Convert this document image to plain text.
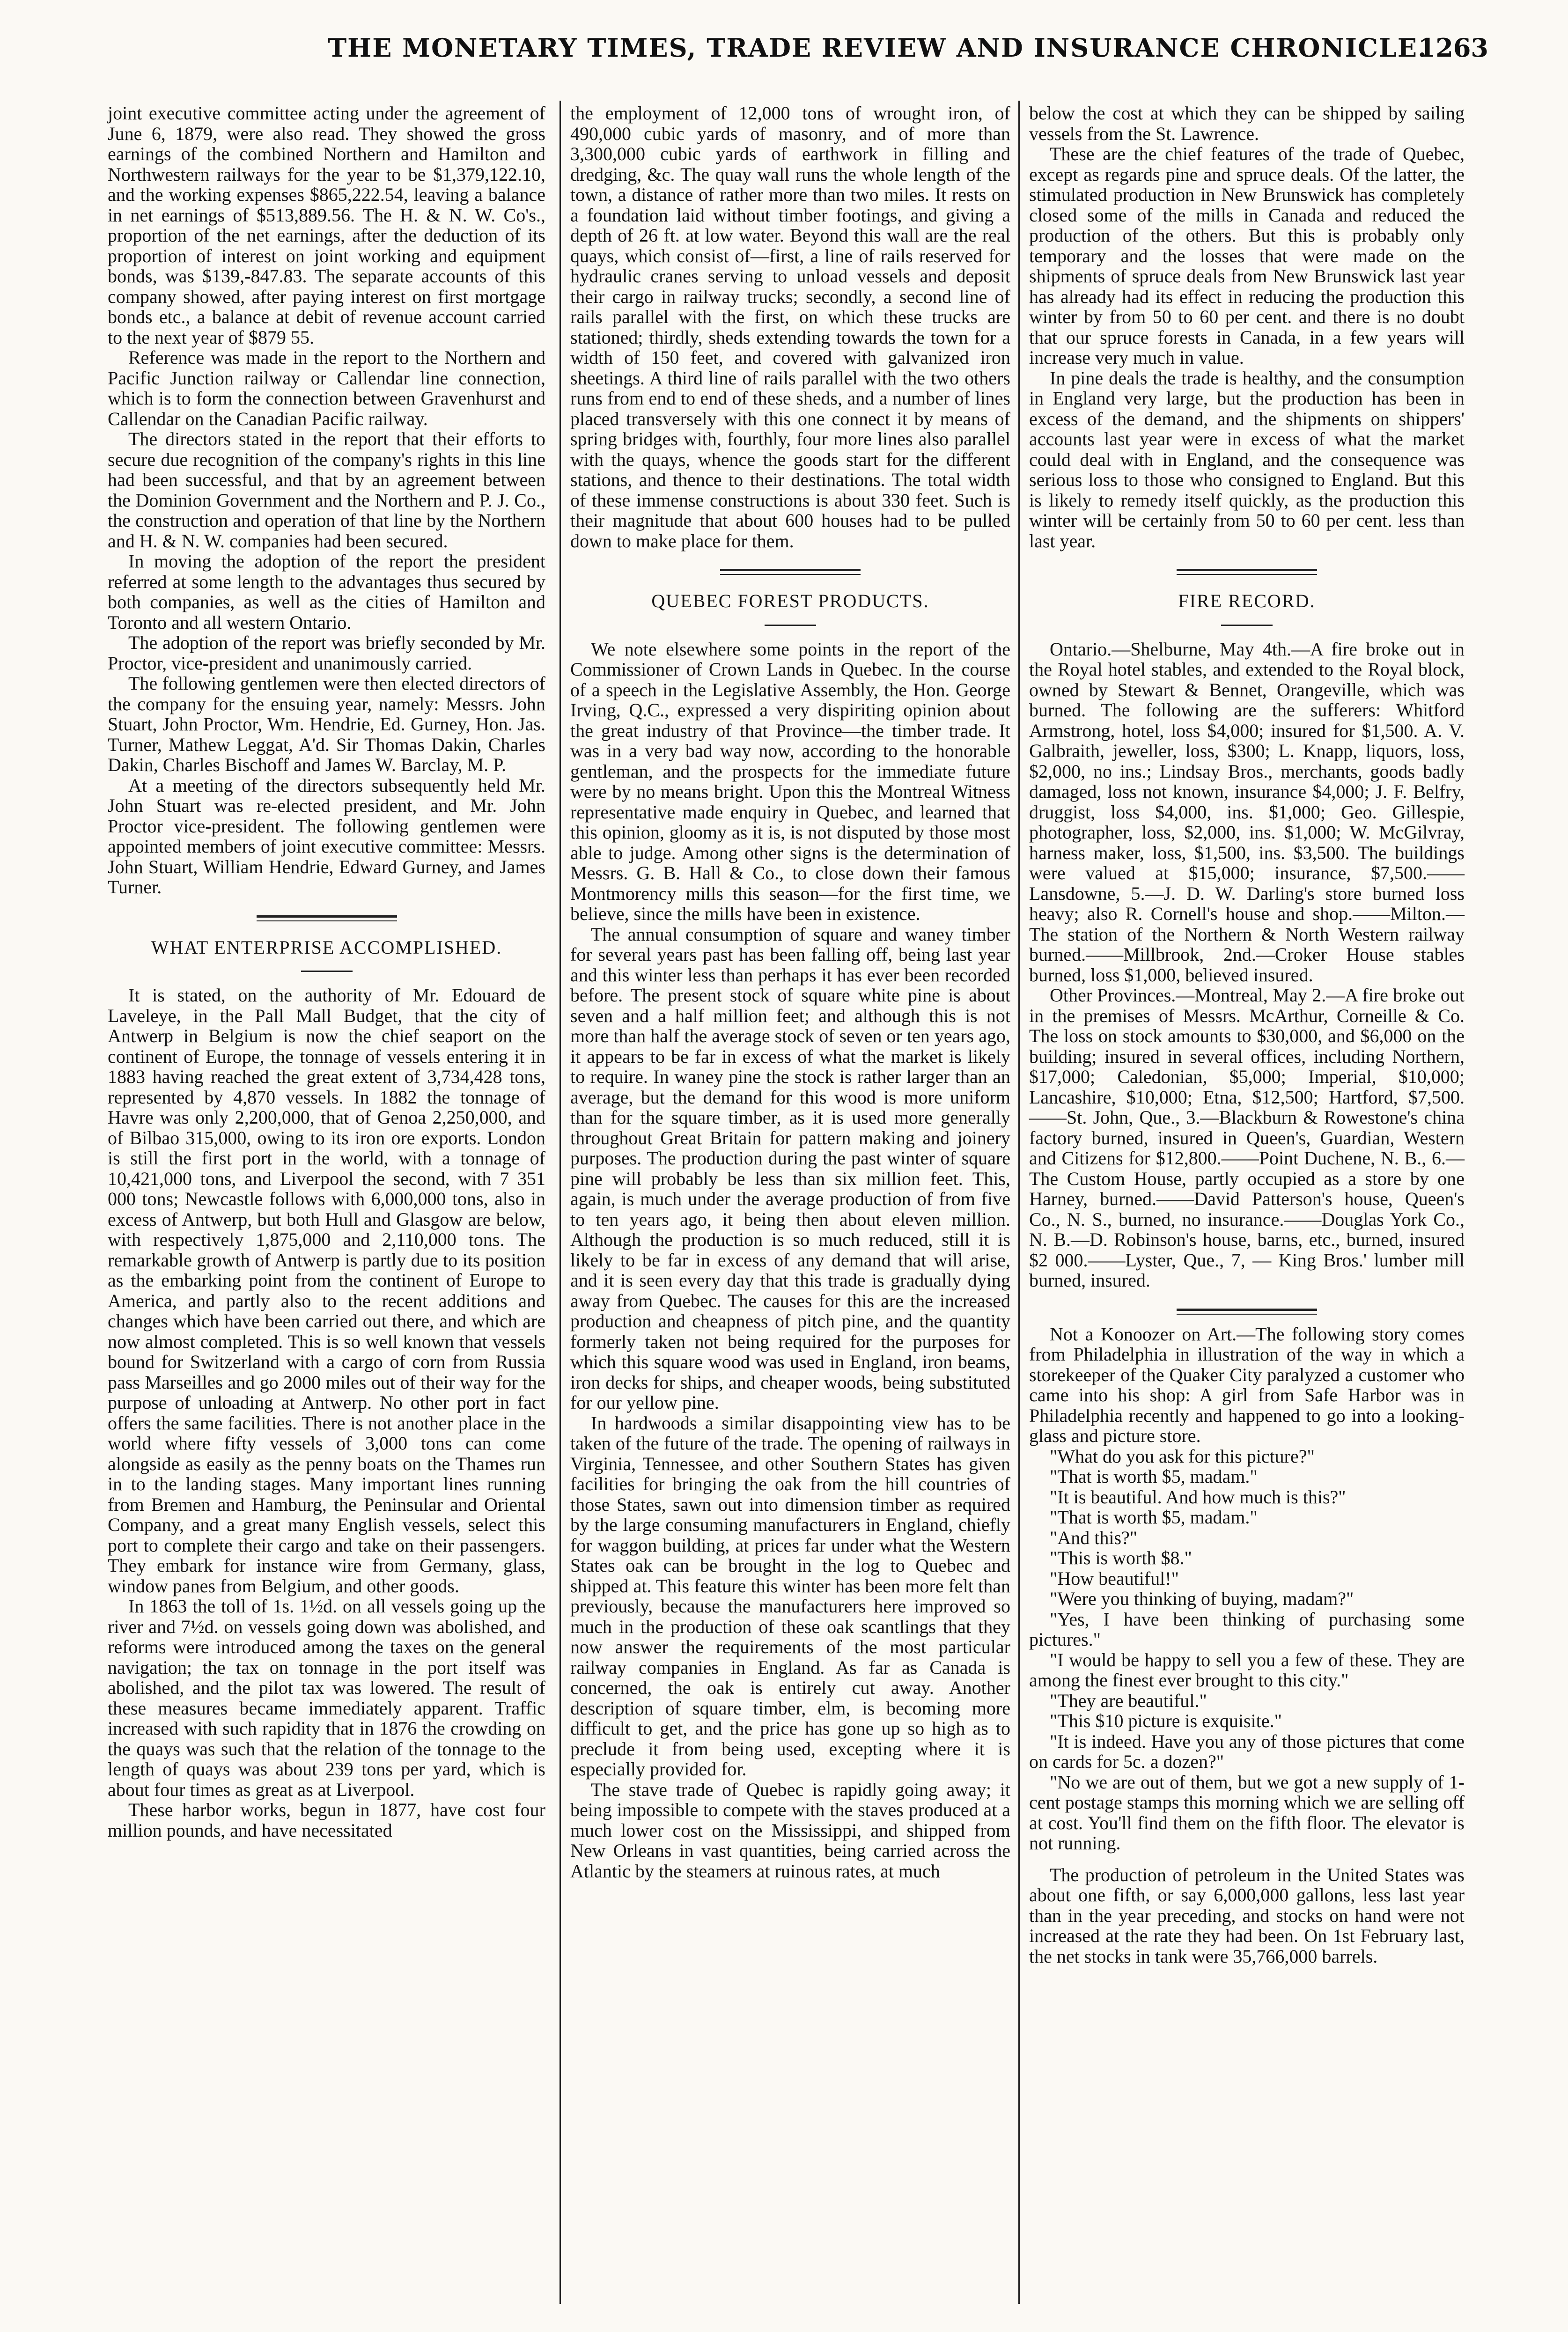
THE MONETARY TIMES, TRADE REVIEW AND INSURANCE CHRONICLE.
1263

joint executive committee acting under the agreement of June 6, 1879, were also read. They showed the gross earnings of the combined Northern and Hamilton and Northwestern railways for the year to be $1,379,122.10, and the working expenses $865,222.54, leaving a balance in net earnings of $513,889.56. The H. & N. W. Co's., proportion of the net earnings, after the deduction of its proportion of interest on joint working and equipment bonds, was $139,-847.83. The separate accounts of this company showed, after paying interest on first mortgage bonds etc., a balance at debit of revenue account carried to the next year of $879 55.

Reference was made in the report to the Northern and Pacific Junction railway or Callendar line connection, which is to form the connection between Gravenhurst and Callendar on the Canadian Pacific railway.

The directors stated in the report that their efforts to secure due recognition of the company's rights in this line had been successful, and that by an agreement between the Dominion Government and the Northern and P. J. Co., the construction and operation of that line by the Northern and H. & N. W. companies had been secured.

In moving the adoption of the report the president referred at some length to the advantages thus secured by both companies, as well as the cities of Hamilton and Toronto and all western Ontario.

The adoption of the report was briefly seconded by Mr. Proctor, vice-president and unanimously carried.

The following gentlemen were then elected directors of the company for the ensuing year, namely: Messrs. John Stuart, John Proctor, Wm. Hendrie, Ed. Gurney, Hon. Jas. Turner, Mathew Leggat, A'd. Sir Thomas Dakin, Charles Dakin, Charles Bischoff and James W. Barclay, M. P.

At a meeting of the directors subsequently held Mr. John Stuart was re-elected president, and Mr. John Proctor vice-president. The following gentlemen were appointed members of joint executive committee: Messrs. John Stuart, William Hendrie, Edward Gurney, and James Turner.

WHAT ENTERPRISE ACCOMPLISHED.

It is stated, on the authority of Mr. Edouard de Laveleye, in the Pall Mall Budget, that the city of Antwerp in Belgium is now the chief seaport on the continent of Europe, the tonnage of vessels entering it in 1883 having reached the great extent of 3,734,428 tons, represented by 4,870 vessels. In 1882 the tonnage of Havre was only 2,200,000, that of Genoa 2,250,000, and of Bilbao 315,000, owing to its iron ore exports. London is still the first port in the world, with a tonnage of 10,421,000 tons, and Liverpool the second, with 7 351 000 tons; Newcastle follows with 6,000,000 tons, also in excess of Antwerp, but both Hull and Glasgow are below, with respectively 1,875,000 and 2,110,000 tons. The remarkable growth of Antwerp is partly due to its position as the embarking point from the continent of Europe to America, and partly also to the recent additions and changes which have been carried out there, and which are now almost completed. This is so well known that vessels bound for Switzerland with a cargo of corn from Russia pass Marseilles and go 2000 miles out of their way for the purpose of unloading at Antwerp. No other port in fact offers the same facilities. There is not another place in the world where fifty vessels of 3,000 tons can come alongside as easily as the penny boats on the Thames run in to the landing stages. Many important lines running from Bremen and Hamburg, the Peninsular and Oriental Company, and a great many English vessels, select this port to complete their cargo and take on their passengers. They embark for instance wire from Germany, glass, window panes from Belgium, and other goods.

In 1863 the toll of 1s. 1½d. on all vessels going up the river and 7½d. on vessels going down was abolished, and reforms were introduced among the taxes on the general navigation; the tax on tonnage in the port itself was abolished, and the pilot tax was lowered. The result of these measures became immediately apparent. Traffic increased with such rapidity that in 1876 the crowding on the quays was such that the relation of the tonnage to the length of quays was about 239 tons per yard, which is about four times as great as at Liverpool.

These harbor works, begun in 1877, have cost four million pounds, and have necessitated

the employment of 12,000 tons of wrought iron, of 490,000 cubic yards of masonry, and of more than 3,300,000 cubic yards of earthwork in filling and dredging, &c. The quay wall runs the whole length of the town, a distance of rather more than two miles. It rests on a foundation laid without timber footings, and giving a depth of 26 ft. at low water. Beyond this wall are the real quays, which consist of—first, a line of rails reserved for hydraulic cranes serving to unload vessels and deposit their cargo in railway trucks; secondly, a second line of rails parallel with the first, on which these trucks are stationed; thirdly, sheds extending towards the town for a width of 150 feet, and covered with galvanized iron sheetings. A third line of rails parallel with the two others runs from end to end of these sheds, and a number of lines placed transversely with this one connect it by means of spring bridges with, fourthly, four more lines also parallel with the quays, whence the goods start for the different stations, and thence to their destinations. The total width of these immense constructions is about 330 feet. Such is their magnitude that about 600 houses had to be pulled down to make place for them.

QUEBEC FOREST PRODUCTS.

We note elsewhere some points in the report of the Commissioner of Crown Lands in Quebec. In the course of a speech in the Legislative Assembly, the Hon. George Irving, Q.C., expressed a very dispiriting opinion about the great industry of that Province—the timber trade. It was in a very bad way now, according to the honorable gentleman, and the prospects for the immediate future were by no means bright. Upon this the Montreal Witness representative made enquiry in Quebec, and learned that this opinion, gloomy as it is, is not disputed by those most able to judge. Among other signs is the determination of Messrs. G. B. Hall & Co., to close down their famous Montmorency mills this season—for the first time, we believe, since the mills have been in existence.

The annual consumption of square and waney timber for several years past has been falling off, being last year and this winter less than perhaps it has ever been recorded before. The present stock of square white pine is about seven and a half million feet; and although this is not more than half the average stock of seven or ten years ago, it appears to be far in excess of what the market is likely to require. In waney pine the stock is rather larger than an average, but the demand for this wood is more uniform than for the square timber, as it is used more generally throughout Great Britain for pattern making and joinery purposes. The production during the past winter of square pine will probably be less than six million feet. This, again, is much under the average production of from five to ten years ago, it being then about eleven million. Although the production is so much reduced, still it is likely to be far in excess of any demand that will arise, and it is seen every day that this trade is gradually dying away from Quebec. The causes for this are the increased production and cheapness of pitch pine, and the quantity formerly taken not being required for the purposes for which this square wood was used in England, iron beams, iron decks for ships, and cheaper woods, being substituted for our yellow pine.

In hardwoods a similar disappointing view has to be taken of the future of the trade. The opening of railways in Virginia, Tennessee, and other Southern States has given facilities for bringing the oak from the hill countries of those States, sawn out into dimension timber as required by the large consuming manufacturers in England, chiefly for waggon building, at prices far under what the Western States oak can be brought in the log to Quebec and shipped at. This feature this winter has been more felt than previously, because the manufacturers here improved so much in the production of these oak scantlings that they now answer the requirements of the most particular railway companies in England. As far as Canada is concerned, the oak is entirely cut away. Another description of square timber, elm, is becoming more difficult to get, and the price has gone up so high as to preclude it from being used, excepting where it is especially provided for.

The stave trade of Quebec is rapidly going away; it being impossible to compete with the staves produced at a much lower cost on the Mississippi, and shipped from New Orleans in vast quantities, being carried across the Atlantic by the steamers at ruinous rates, at much

below the cost at which they can be shipped by sailing vessels from the St. Lawrence.

These are the chief features of the trade of Quebec, except as regards pine and spruce deals. Of the latter, the stimulated production in New Brunswick has completely closed some of the mills in Canada and reduced the production of the others. But this is probably only temporary and the losses that were made on the shipments of spruce deals from New Brunswick last year has already had its effect in reducing the production this winter by from 50 to 60 per cent. and there is no doubt that our spruce forests in Canada, in a few years will increase very much in value.

In pine deals the trade is healthy, and the consumption in England very large, but the production has been in excess of the demand, and the shipments on shippers' accounts last year were in excess of what the market could deal with in England, and the consequence was serious loss to those who consigned to England. But this is likely to remedy itself quickly, as the production this winter will be certainly from 50 to 60 per cent. less than last year.

FIRE RECORD.

Ontario.—Shelburne, May 4th.—A fire broke out in the Royal hotel stables, and extended to the Royal block, owned by Stewart & Bennet, Orangeville, which was burned. The following are the sufferers: Whitford Armstrong, hotel, loss $4,000; insured for $1,500. A. V. Galbraith, jeweller, loss, $300; L. Knapp, liquors, loss, $2,000, no ins.; Lindsay Bros., merchants, goods badly damaged, loss not known, insurance $4,000; J. F. Belfry, druggist, loss $4,000, ins. $1,000; Geo. Gillespie, photographer, loss, $2,000, ins. $1,000; W. McGilvray, harness maker, loss, $1,500, ins. $3,500. The buildings were valued at $15,000; insurance, $7,500.——Lansdowne, 5.—J. D. W. Darling's store burned loss heavy; also R. Cornell's house and shop.——Milton.—The station of the Northern & North Western railway burned.——Millbrook, 2nd.—Croker House stables burned, loss $1,000, believed insured.

Other Provinces.—Montreal, May 2.—A fire broke out in the premises of Messrs. McArthur, Corneille & Co. The loss on stock amounts to $30,000, and $6,000 on the building; insured in several offices, including Northern, $17,000; Caledonian, $5,000; Imperial, $10,000; Lancashire, $10,000; Etna, $12,500; Hartford, $7,500.——St. John, Que., 3.—Blackburn & Rowestone's china factory burned, insured in Queen's, Guardian, Western and Citizens for $12,800.——Point Duchene, N. B., 6.—The Custom House, partly occupied as a store by one Harney, burned.——David Patterson's house, Queen's Co., N. S., burned, no insurance.——Douglas York Co., N. B.—D. Robinson's house, barns, etc., burned, insured $2 000.——Lyster, Que., 7, — King Bros.' lumber mill burned, insured.

Not a Konoozer on Art.—The following story comes from Philadelphia in illustration of the way in which a storekeeper of the Quaker City paralyzed a customer who came into his shop: A girl from Safe Harbor was in Philadelphia recently and happened to go into a looking-glass and picture store.

"What do you ask for this picture?"

"That is worth $5, madam."

"It is beautiful. And how much is this?"

"That is worth $5, madam."

"And this?"

"This is worth $8."

"How beautiful!"

"Were you thinking of buying, madam?"

"Yes, I have been thinking of purchasing some pictures."

"I would be happy to sell you a few of these. They are among the finest ever brought to this city."

"They are beautiful."

"This $10 picture is exquisite."

"It is indeed. Have you any of those pictures that come on cards for 5c. a dozen?"

"No we are out of them, but we got a new supply of 1-cent postage stamps this morning which we are selling off at cost. You'll find them on the fifth floor. The elevator is not running.

The production of petroleum in the United States was about one fifth, or say 6,000,000 gallons, less last year than in the year preceding, and stocks on hand were not increased at the rate they had been. On 1st February last, the net stocks in tank were 35,766,000 barrels.
